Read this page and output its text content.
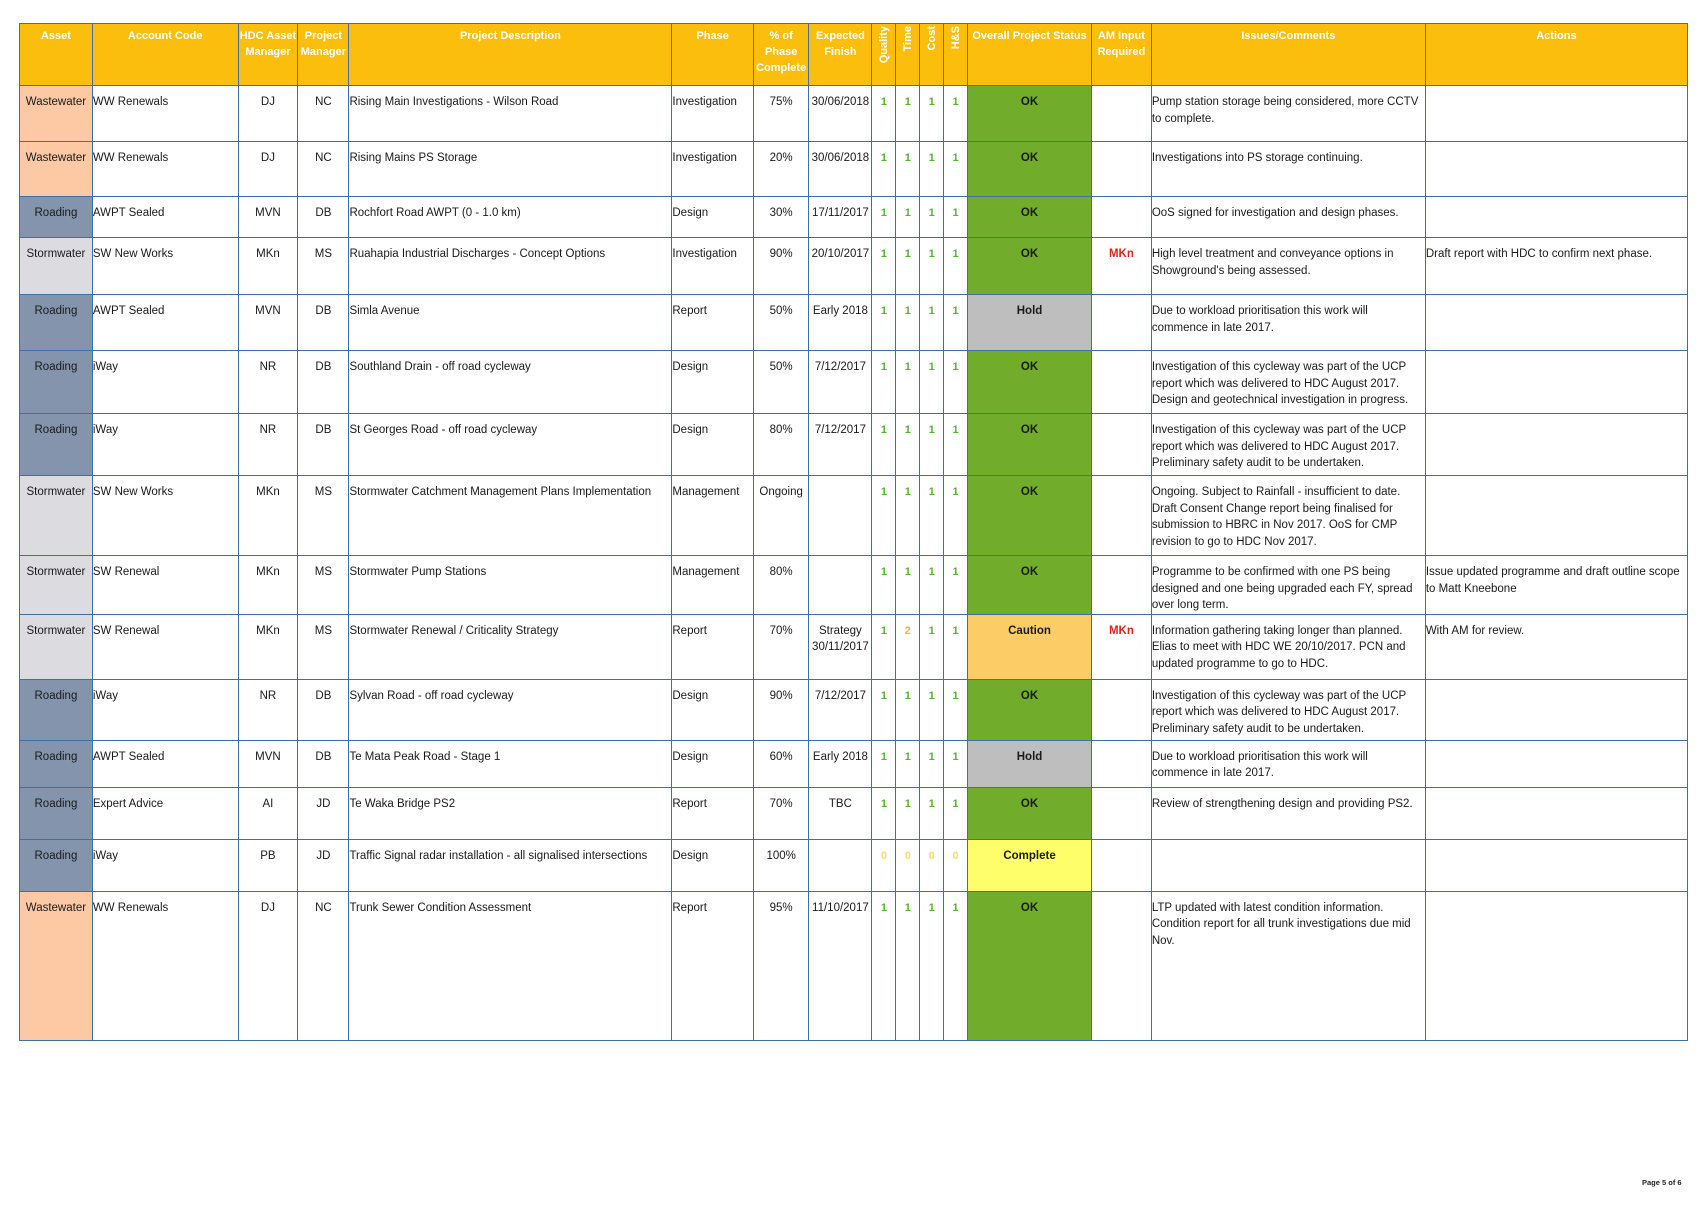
Asset	Account Code	HDC Asset Manager	Project Manager	Project Description	Phase	% of Phase Complete	Expected Finish	Quality	Time	Cost	H&S	Overall Project Status	AM Input Required	Issues/Comments	Actions
Wastewater	WW Renewals	DJ	NC	Rising Main Investigations - Wilson Road	Investigation	75%	30/06/2018	1	1	1	1	OK		Pump station storage being considered, more CCTV to complete.	
Wastewater	WW Renewals	DJ	NC	Rising Mains PS Storage	Investigation	20%	30/06/2018	1	1	1	1	OK		Investigations into PS storage continuing.	
Roading	AWPT Sealed	MVN	DB	Rochfort Road AWPT (0 - 1.0 km)	Design	30%	17/11/2017	1	1	1	1	OK		OoS signed for investigation and design phases.	
Stormwater	SW New Works	MKn	MS	Ruahapia Industrial Discharges - Concept Options	Investigation	90%	20/10/2017	1	1	1	1	OK	MKn	High level treatment and conveyance options in Showground's being assessed.	Draft report with HDC to confirm next phase.
Roading	AWPT Sealed	MVN	DB	Simla Avenue	Report	50%	Early 2018	1	1	1	1	Hold		Due to workload prioritisation this work will commence in late 2017.	
Roading	iWay	NR	DB	Southland Drain - off road cycleway	Design	50%	7/12/2017	1	1	1	1	OK		Investigation of this cycleway was part of the UCP report which was delivered to HDC August 2017. Design and geotechnical investigation in progress.	
Roading	iWay	NR	DB	St Georges Road - off road cycleway	Design	80%	7/12/2017	1	1	1	1	OK		Investigation of this cycleway was part of the UCP report which was delivered to HDC August 2017. Preliminary safety audit to be undertaken.	
Stormwater	SW New Works	MKn	MS	Stormwater Catchment Management Plans Implementation	Management	Ongoing		1	1	1	1	OK		Ongoing. Subject to Rainfall - insufficient to date. Draft Consent Change report being finalised for submission to HBRC in Nov 2017. OoS for CMP revision to go to HDC Nov 2017.	
Stormwater	SW Renewal	MKn	MS	Stormwater Pump Stations	Management	80%		1	1	1	1	OK		Programme to be confirmed with one PS being designed and one being upgraded each FY, spread over long term.	Issue updated programme and draft outline scope to Matt Kneebone
Stormwater	SW Renewal	MKn	MS	Stormwater Renewal / Criticality Strategy	Report	70%	Strategy 30/11/2017	1	2	1	1	Caution	MKn	Information gathering taking longer than planned. Elias to meet with HDC WE 20/10/2017. PCN and updated programme to go to HDC.	With AM for review.
Roading	iWay	NR	DB	Sylvan Road - off road cycleway	Design	90%	7/12/2017	1	1	1	1	OK		Investigation of this cycleway was part of the UCP report which was delivered to HDC August 2017. Preliminary safety audit to be undertaken.	
Roading	AWPT Sealed	MVN	DB	Te Mata Peak Road - Stage 1	Design	60%	Early 2018	1	1	1	1	Hold		Due to workload prioritisation this work will commence in late 2017.	
Roading	Expert Advice	AI	JD	Te Waka Bridge PS2	Report	70%	TBC	1	1	1	1	OK		Review of strengthening design and providing PS2.	
Roading	iWay	PB	JD	Traffic Signal radar installation - all signalised intersections	Design	100%		0	0	0	0	Complete			
Wastewater	WW Renewals	DJ	NC	Trunk Sewer Condition Assessment	Report	95%	11/10/2017	1	1	1	1	OK		LTP updated with latest condition information. Condition report for all trunk investigations due mid Nov.	
Page 5 of 6
